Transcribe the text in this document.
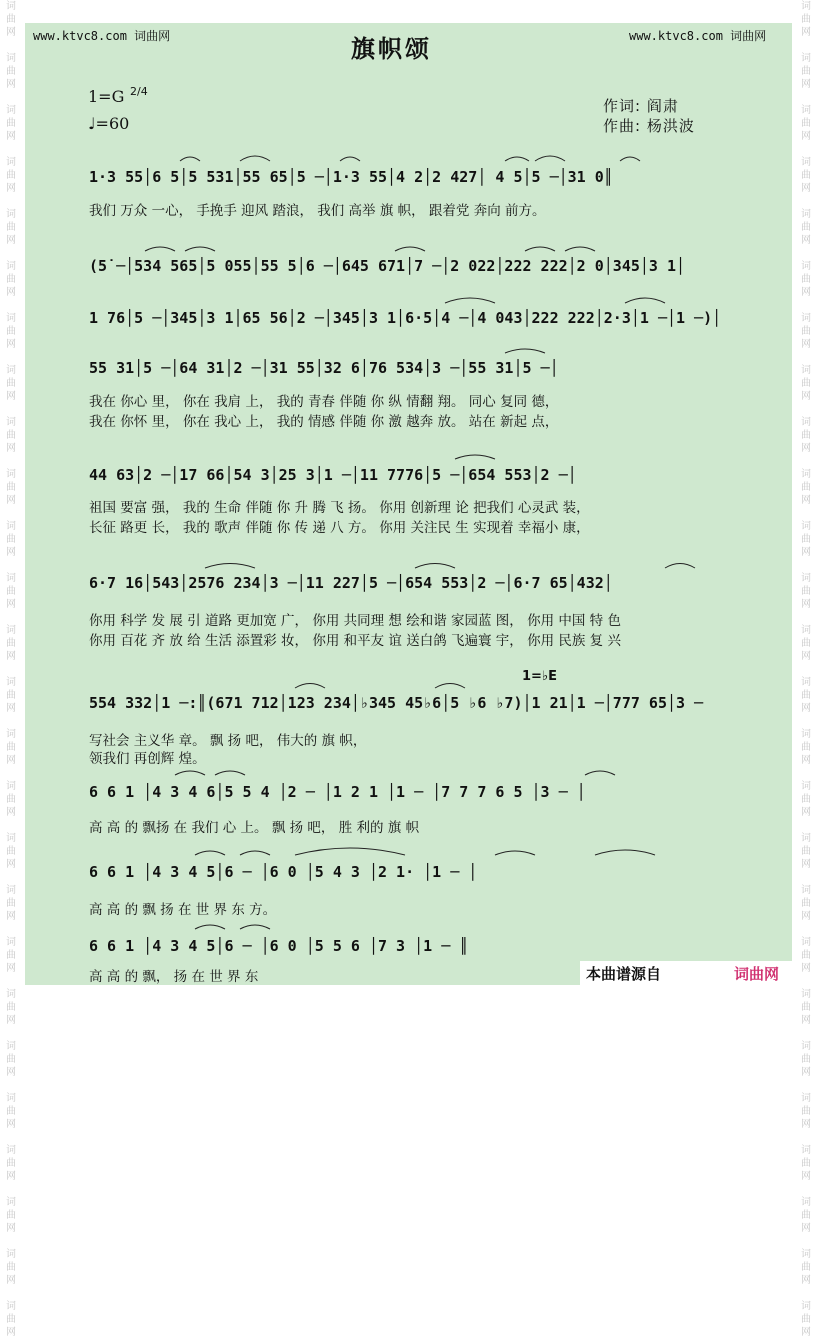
词
曲
网

词
曲
网

词
曲
网

词
曲
网

词
曲
网

词
曲
网

词
曲
网

词
曲
网

词
曲
网

词
曲
网

词
曲
网

词
曲
网

词
曲
网

词
曲
网

词
曲
网

词
曲
网

词
曲
网

词
曲
网

词
曲
网

词
曲
网

词
曲
网

词
曲
网

词
曲
网

词
曲
网

词
曲
网

词
曲
网
词
曲
网

词
曲
网

词
曲
网

词
曲
网

词
曲
网

词
曲
网

词
曲
网

词
曲
网

词
曲
网

词
曲
网

词
曲
网

词
曲
网

词
曲
网

词
曲
网

词
曲
网

词
曲
网

词
曲
网

词
曲
网

词
曲
网

词
曲
网

词
曲
网

词
曲
网

词
曲
网

词
曲
网

词
曲
网

词
曲
网
www.ktvc8.com 词曲网	www.ktvc8.com 词曲网
旗帜颂
1=G 2/4
♩=60
作词: 阎肃
作曲: 杨洪波
1·3 55│6 5│5 531│55 65│5 ─│1·3 55│4 2│2 427│ 4 5│5 ─│31 0║
我们 万众 一心， 手挽手 迎风 踏浪， 我们 高举 旗 帜， 跟着党 奔向 前方。
(5̇ ─│534 565│5 055│55 5│6 ─│645 671│7 ─│2 022│222 222│2 0│345│3 1│
1 76│5 ─│345│3 1│65 56│2 ─│345│3 1│6·5│4 ─│4 043│222 222│2·3│1 ─│1 ─)│
55 31│5 ─│64 31│2 ─│31 55│32 6│76 534│3 ─│55 31│5 ─│
我在 你心 里， 你在 我肩 上， 我的 青春 伴随 你 纵 情翻 翔。 同心 复同 德，
我在 你怀 里， 你在 我心 上， 我的 情感 伴随 你 激 越奔 放。 站在 新起 点，
44 63│2 ─│17 66│54 3│25 3│1 ─│11 7776│5 ─│654 553│2 ─│
祖国 要富 强， 我的 生命 伴随 你 升 腾 飞 扬。 你用 创新理 论 把我们 心灵武 装，
长征 路更 长， 我的 歌声 伴随 你 传 递 八 方。 你用 关注民 生 实现着 幸福小 康，
6·7 16│543│2576 234│3 ─│11 227│5 ─│654 553│2 ─│6·7 65│432│
你用 科学 发 展 引 道路 更加宽 广， 你用 共同理 想 绘和谐 家园蓝 图， 你用 中国 特 色
你用 百花 齐 放 给 生活 添置彩 妆， 你用 和平友 谊 送白鸽 飞遍寰 宇， 你用 民族 复 兴
1=♭E
554 332│1 ─:║(671 712│123 234│♭345 45♭6│5 ♭6 ♭7)│1 21│1 ─│777 65│3 ─
写社会 主义华 章。 飘 扬 吧， 伟大的 旗 帜，
领我们 再创辉 煌。
6 6 1 │4 3 4 6│5 5 4 │2 ─ │1 2 1 │1 ─ │7 7 7 6 5 │3 ─ │
高 高 的 飘扬 在 我们 心 上。 飘 扬 吧， 胜 利的 旗 帜
6 6 1 │4 3 4 5│6 ─ │6 0 │5 4 3 │2 1· │1 ─ │
高 高 的 飘 扬 在 世 界 东 方。
6 6 1 │4 3 4 5│6 ─ │6 0 │5 5 6 │7 3 │1 ─ ║
高 高 的 飘， 扬 在 世 界 东	本曲谱源自	词曲网
